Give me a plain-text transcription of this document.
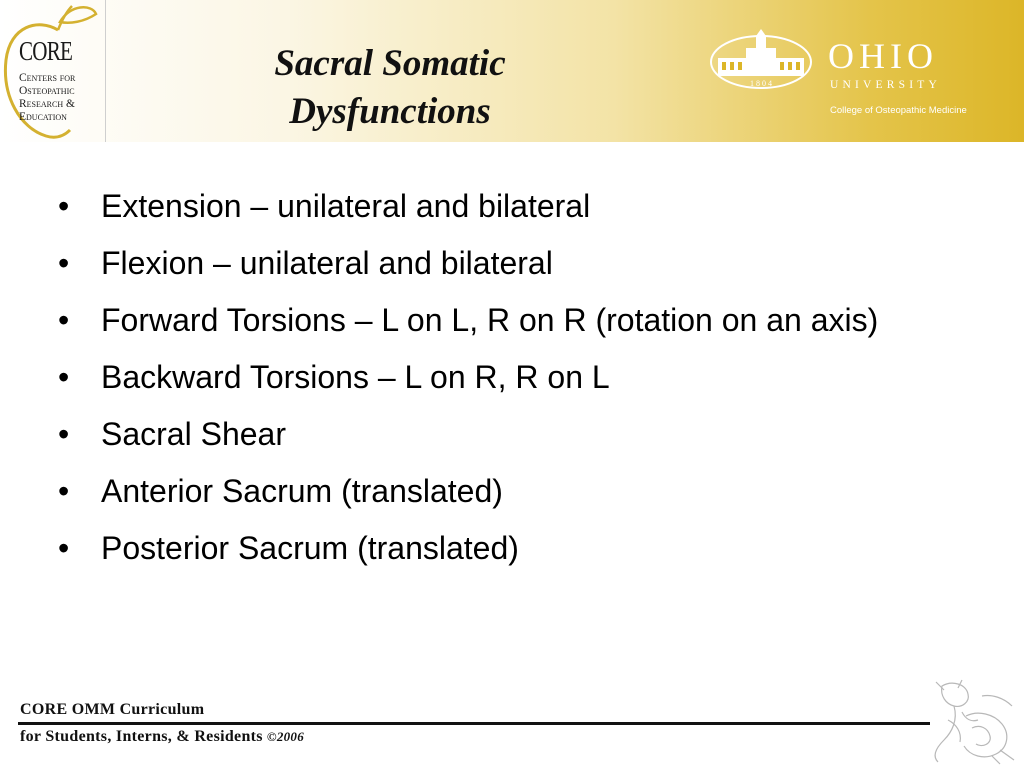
CORE
Centers for
Osteopathic
Research &
Education
Sacral Somatic
Dysfunctions
1 8 0 4
OHIO
UNIVERSITY
College of Osteopathic Medicine
• Extension – unilateral and bilateral
• Flexion – unilateral and bilateral
• Forward Torsions – L on L, R on R (rotation on an axis)
• Backward Torsions – L on R, R on L
• Sacral Shear
• Anterior Sacrum (translated)
• Posterior Sacrum (translated)
CORE OMM Curriculum
for Students, Interns, & Residents ©2006
